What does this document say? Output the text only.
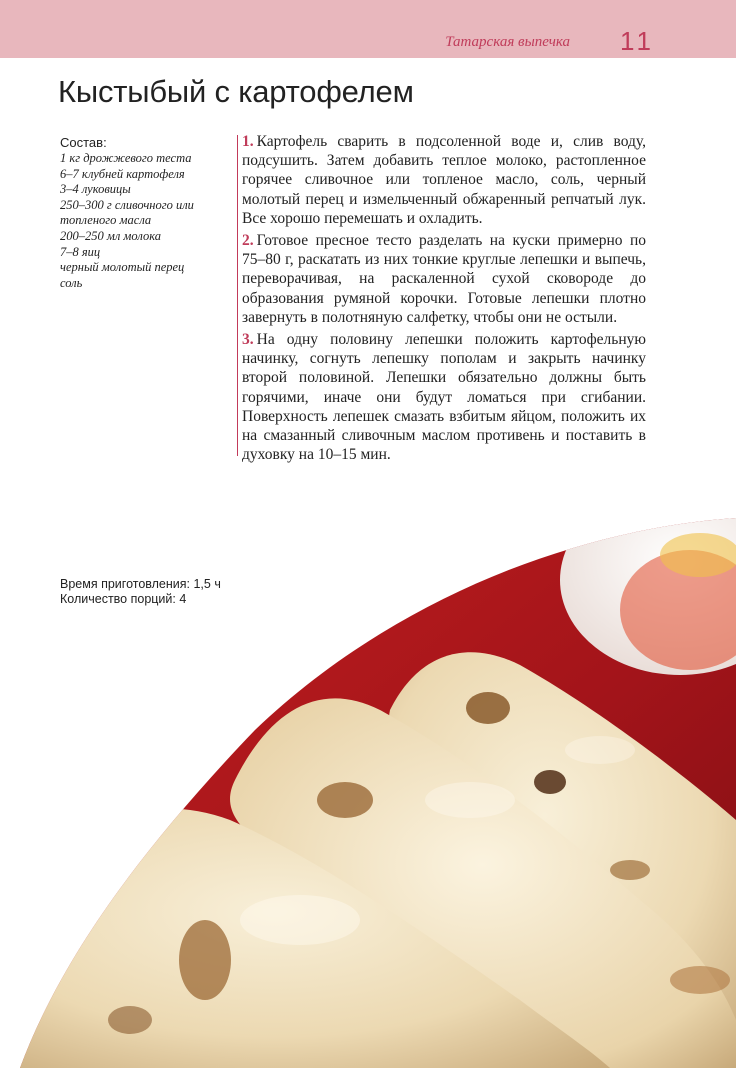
Татарская выпечка 11
Кыстыбый с картофелем
Состав:
1 кг дрожжевого теста
6–7 клубней картофеля
3–4 луковицы
250–300 г сливочного или топленого масла
200–250 мл молока
7–8 яиц
черный молотый перец
соль

1. Картофель сварить в подсоленной воде и, слив воду, подсушить. Затем добавить теплое молоко, растопленное горячее сливочное или топленое масло, соль, черный молотый перец и измельченный обжаренный репчатый лук. Все хорошо перемешать и охладить.

2. Готовое пресное тесто разделать на куски примерно по 75–80 г, раскатать из них тонкие круглые лепешки и выпечь, переворачивая, на раскаленной сухой сковороде до образования румяной корочки. Готовые лепешки плотно завернуть в полотняную салфетку, чтобы они не остыли.

3. На одну половину лепешки положить картофельную начинку, согнуть лепешку пополам и закрыть начинку второй половиной. Лепешки обязательно должны быть горячими, иначе они будут ломаться при сгибании. Поверхность лепешек смазать взбитым яйцом, положить их на смазанный сливочным маслом противень и поставить в духовку на 10–15 мин.

Время приготовления: 1,5 ч
Количество порций: 4
